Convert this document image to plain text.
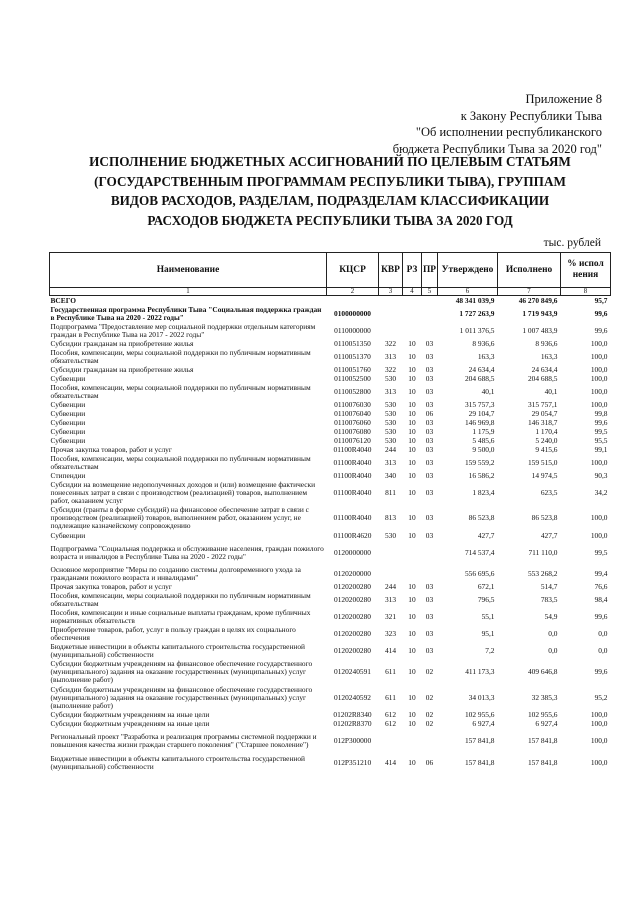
Приложение 8
к Закону Республики Тыва
"Об исполнении республиканского
бюджета Республики Тыва за 2020 год"
ИСПОЛНЕНИЕ БЮДЖЕТНЫХ АССИГНОВАНИЙ ПО ЦЕЛЕВЫМ СТАТЬЯМ
(ГОСУДАРСТВЕННЫМ ПРОГРАММАМ РЕСПУБЛИКИ ТЫВА), ГРУППАМ
ВИДОВ РАСХОДОВ, РАЗДЕЛАМ, ПОДРАЗДЕЛАМ КЛАССИФИКАЦИИ
РАСХОДОВ БЮДЖЕТА РЕСПУБЛИКИ ТЫВА ЗА 2020 ГОД
тыс. рублей
Наименование	КЦСР	КВР	РЗ	ПР	Утверждено	Исполнено	% испол нения
1	2	3	4	5	6	7	8
ВСЕГО					48 341 039,9	46 270 849,6	95,7
Государственная программа Республики Тыва "Социальная поддержка граждан в Республике Тыва на 2020 - 2022 годы"	0100000000				1 727 263,9	1 719 943,9	99,6
Подпрограмма "Предоставление мер социальной поддержки отдельным категориям граждан в Республике Тыва на 2017 - 2022 годы"	0110000000				1 011 376,5	1 007 483,9	99,6
Субсидии гражданам на приобретение жилья	0110051350	322	10	03	8 936,6	8 936,6	100,0
Пособия, компенсации, меры социальной поддержки по публичным нормативным обязательствам	0110051370	313	10	03	163,3	163,3	100,0
Субсидии гражданам на приобретение жилья	0110051760	322	10	03	24 634,4	24 634,4	100,0
Субвенции	0110052500	530	10	03	204 688,5	204 688,5	100,0
Пособия, компенсации, меры социальной поддержки по публичным нормативным обязательствам	0110052800	313	10	03	40,1	40,1	100,0
Субвенции	0110076030	530	10	03	315 757,3	315 757,1	100,0
Субвенции	0110076040	530	10	06	29 104,7	29 054,7	99,8
Субвенции	0110076060	530	10	03	146 969,8	146 318,7	99,6
Субвенции	0110076080	530	10	03	1 175,9	1 170,4	99,5
Субвенции	0110076120	530	10	03	5 485,6	5 240,0	95,5
Прочая закупка товаров, работ и услуг	01100R4040	244	10	03	9 500,0	9 415,6	99,1
Пособия, компенсации, меры социальной поддержки по публичным нормативным обязательствам	01100R4040	313	10	03	159 559,2	159 515,0	100,0
Стипендии	01100R4040	340	10	03	16 586,2	14 974,5	90,3
Субсидии на возмещение недополученных доходов и (или) возмещение фактически понесенных затрат в связи с производством (реализацией) товаров, выполнением работ, оказанием услуг	01100R4040	811	10	03	1 823,4	623,5	34,2
Субсидии (гранты в форме субсидий) на финансовое обеспечение затрат в связи с производством (реализацией) товаров, выполнением работ, оказанием услуг, не подлежащие казначейскому сопровождению	01100R4040	813	10	03	86 523,8	86 523,8	100,0
Субвенции	01100R4620	530	10	03	427,7	427,7	100,0
Подпрограмма "Социальная поддержка и обслуживание населения, граждан пожилого возраста и инвалидов в Республике Тыва на 2020 - 2022 годы"	0120000000				714 537,4	711 110,0	99,5
Основное мероприятие "Меры по созданию системы долговременного ухода за гражданами пожилого возраста и инвалидами"	0120200000				556 695,6	553 268,2	99,4
Прочая закупка товаров, работ и услуг	0120200280	244	10	03	672,1	514,7	76,6
Пособия, компенсации, меры социальной поддержки по публичным нормативным обязательствам	0120200280	313	10	03	796,5	783,5	98,4
Пособия, компенсации и иные социальные выплаты гражданам, кроме публичных нормативных обязательств	0120200280	321	10	03	55,1	54,9	99,6
Приобретение товаров, работ, услуг в пользу граждан в целях их социального обеспечения	0120200280	323	10	03	95,1	0,0	0,0
Бюджетные инвестиции в объекты капитального строительства государственной (муниципальной) собственности	0120200280	414	10	03	7,2	0,0	0,0
Субсидии бюджетным учреждениям на финансовое обеспечение государственного (муниципального) задания на оказание государственных (муниципальных) услуг (выполнение работ)	0120240591	611	10	02	411 173,3	409 646,8	99,6
Субсидии бюджетным учреждениям на финансовое обеспечение государственного (муниципального) задания на оказание государственных (муниципальных) услуг (выполнение работ)	0120240592	611	10	02	34 013,3	32 385,3	95,2
Субсидии бюджетным учреждениям на иные цели	01202R8340	612	10	02	102 955,6	102 955,6	100,0
Субсидии бюджетным учреждениям на иные цели	01202R8370	612	10	02	6 927,4	6 927,4	100,0
Региональный проект "Разработка и реализация программы системной поддержки и повышения качества жизни граждан старшего поколения" ("Старшее поколение")	012P300000				157 841,8	157 841,8	100,0
Бюджетные инвестиции в объекты капитального строительства государственной (муниципальной) собственности	012P351210	414	10	06	157 841,8	157 841,8	100,0
